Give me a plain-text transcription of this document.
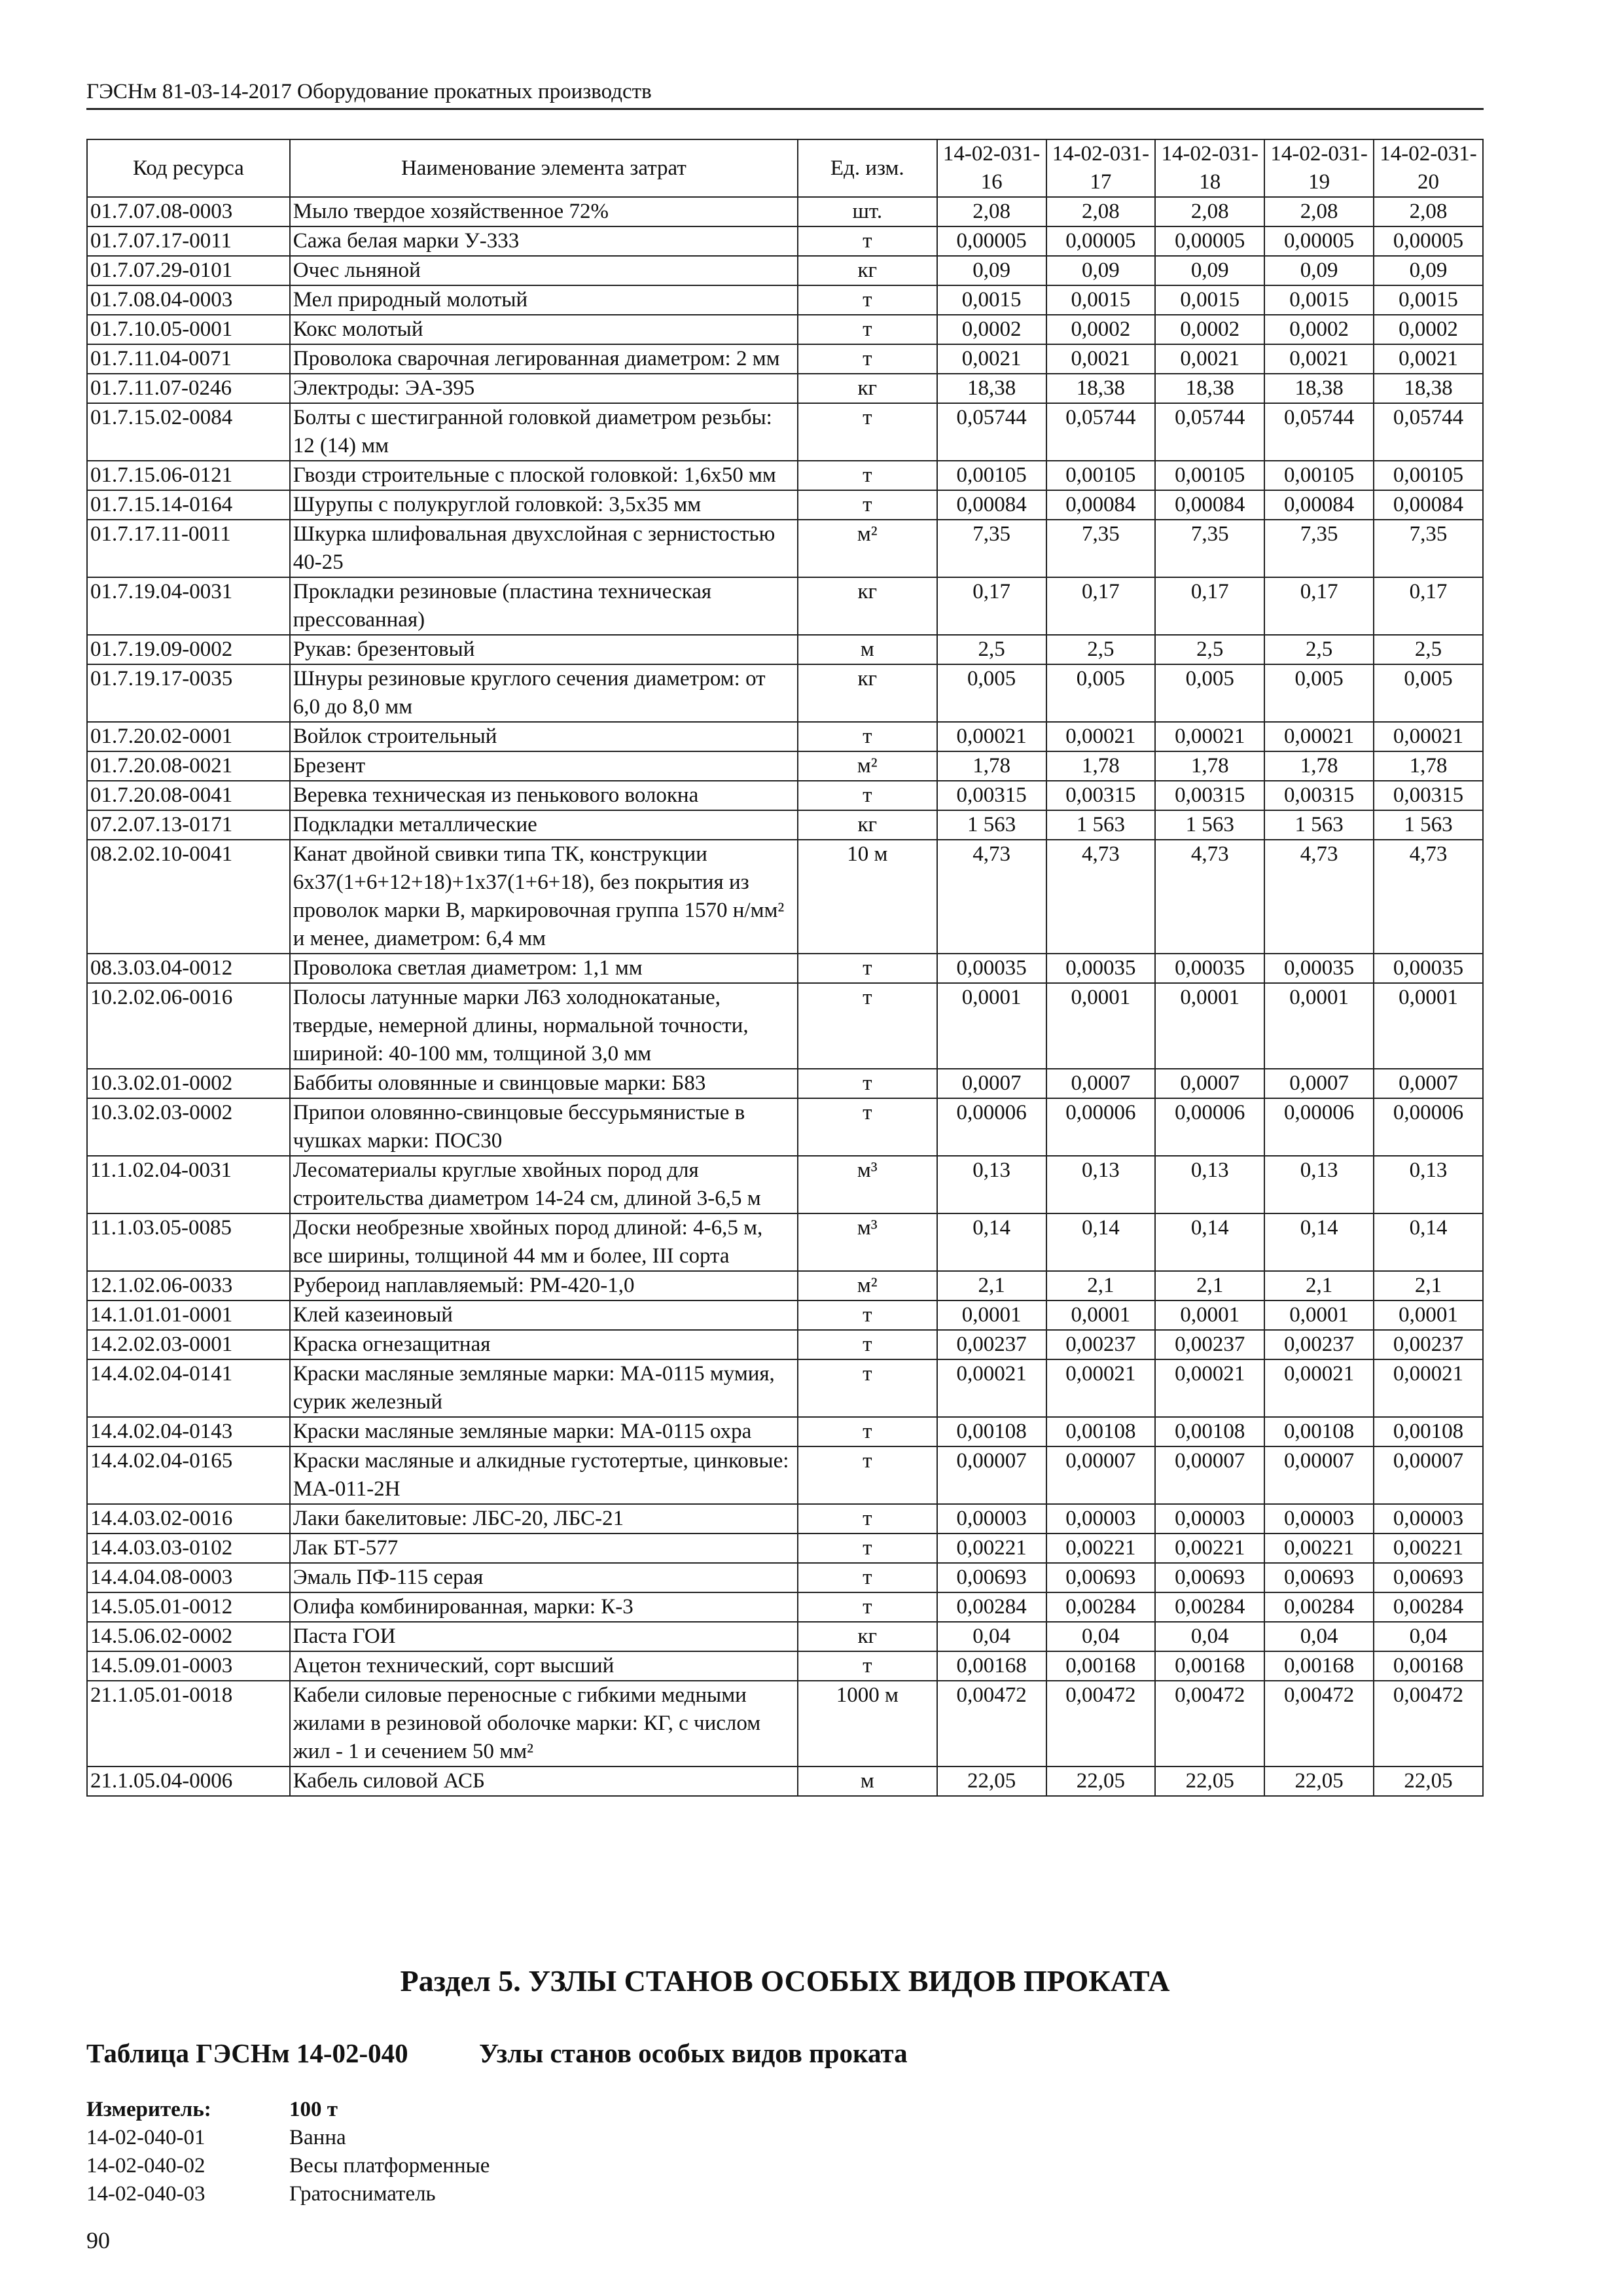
ГЭСНм 81-03-14-2017 Оборудование прокатных производств
Код ресурса	Наименование элемента затрат	Ед. изм.	14-02-031-16	14-02-031-17	14-02-031-18	14-02-031-19	14-02-031-20
01.7.07.08-0003	Мыло твердое хозяйственное 72%	шт.	2,08	2,08	2,08	2,08	2,08
01.7.07.17-0011	Сажа белая марки У-333	т	0,00005	0,00005	0,00005	0,00005	0,00005
01.7.07.29-0101	Очес льняной	кг	0,09	0,09	0,09	0,09	0,09
01.7.08.04-0003	Мел природный молотый	т	0,0015	0,0015	0,0015	0,0015	0,0015
01.7.10.05-0001	Кокс молотый	т	0,0002	0,0002	0,0002	0,0002	0,0002
01.7.11.04-0071	Проволока сварочная легированная диаметром: 2 мм	т	0,0021	0,0021	0,0021	0,0021	0,0021
01.7.11.07-0246	Электроды: ЭА-395	кг	18,38	18,38	18,38	18,38	18,38
01.7.15.02-0084	Болты с шестигранной головкой диаметром резьбы: 12 (14) мм	т	0,05744	0,05744	0,05744	0,05744	0,05744
01.7.15.06-0121	Гвозди строительные с плоской головкой: 1,6x50 мм	т	0,00105	0,00105	0,00105	0,00105	0,00105
01.7.15.14-0164	Шурупы с полукруглой головкой: 3,5x35 мм	т	0,00084	0,00084	0,00084	0,00084	0,00084
01.7.17.11-0011	Шкурка шлифовальная двухслойная с зернистостью 40-25	м²	7,35	7,35	7,35	7,35	7,35
01.7.19.04-0031	Прокладки резиновые (пластина техническая прессованная)	кг	0,17	0,17	0,17	0,17	0,17
01.7.19.09-0002	Рукав: брезентовый	м	2,5	2,5	2,5	2,5	2,5
01.7.19.17-0035	Шнуры резиновые круглого сечения диаметром: от 6,0 до 8,0 мм	кг	0,005	0,005	0,005	0,005	0,005
01.7.20.02-0001	Войлок строительный	т	0,00021	0,00021	0,00021	0,00021	0,00021
01.7.20.08-0021	Брезент	м²	1,78	1,78	1,78	1,78	1,78
01.7.20.08-0041	Веревка техническая из пенькового волокна	т	0,00315	0,00315	0,00315	0,00315	0,00315
07.2.07.13-0171	Подкладки металлические	кг	1 563	1 563	1 563	1 563	1 563
08.2.02.10-0041	Канат двойной свивки типа ТК, конструкции 6x37(1+6+12+18)+1x37(1+6+18), без покрытия из проволок марки В, маркировочная группа 1570 н/мм² и менее, диаметром: 6,4 мм	10 м	4,73	4,73	4,73	4,73	4,73
08.3.03.04-0012	Проволока светлая диаметром: 1,1 мм	т	0,00035	0,00035	0,00035	0,00035	0,00035
10.2.02.06-0016	Полосы латунные марки Л63 холоднокатаные, твердые, немерной длины, нормальной точности, шириной: 40-100 мм, толщиной 3,0 мм	т	0,0001	0,0001	0,0001	0,0001	0,0001
10.3.02.01-0002	Баббиты оловянные и свинцовые марки: Б83	т	0,0007	0,0007	0,0007	0,0007	0,0007
10.3.02.03-0002	Припои оловянно-свинцовые бессурьмянистые в чушках марки: ПОС30	т	0,00006	0,00006	0,00006	0,00006	0,00006
11.1.02.04-0031	Лесоматериалы круглые хвойных пород для строительства диаметром 14-24 см, длиной 3-6,5 м	м³	0,13	0,13	0,13	0,13	0,13
11.1.03.05-0085	Доски необрезные хвойных пород длиной: 4-6,5 м, все ширины, толщиной 44 мм и более, III сорта	м³	0,14	0,14	0,14	0,14	0,14
12.1.02.06-0033	Рубероид наплавляемый: РМ-420-1,0	м²	2,1	2,1	2,1	2,1	2,1
14.1.01.01-0001	Клей казеиновый	т	0,0001	0,0001	0,0001	0,0001	0,0001
14.2.02.03-0001	Краска огнезащитная	т	0,00237	0,00237	0,00237	0,00237	0,00237
14.4.02.04-0141	Краски масляные земляные марки: МА-0115 мумия, сурик железный	т	0,00021	0,00021	0,00021	0,00021	0,00021
14.4.02.04-0143	Краски масляные земляные марки: МА-0115 охра	т	0,00108	0,00108	0,00108	0,00108	0,00108
14.4.02.04-0165	Краски масляные и алкидные густотертые, цинковые: МА-011-2Н	т	0,00007	0,00007	0,00007	0,00007	0,00007
14.4.03.02-0016	Лаки бакелитовые: ЛБС-20, ЛБС-21	т	0,00003	0,00003	0,00003	0,00003	0,00003
14.4.03.03-0102	Лак БТ-577	т	0,00221	0,00221	0,00221	0,00221	0,00221
14.4.04.08-0003	Эмаль ПФ-115 серая	т	0,00693	0,00693	0,00693	0,00693	0,00693
14.5.05.01-0012	Олифа комбинированная, марки: К-3	т	0,00284	0,00284	0,00284	0,00284	0,00284
14.5.06.02-0002	Паста ГОИ	кг	0,04	0,04	0,04	0,04	0,04
14.5.09.01-0003	Ацетон технический, сорт высший	т	0,00168	0,00168	0,00168	0,00168	0,00168
21.1.05.01-0018	Кабели силовые переносные с гибкими медными жилами в резиновой оболочке марки: КГ, с числом жил - 1 и сечением 50 мм²	1000 м	0,00472	0,00472	0,00472	0,00472	0,00472
21.1.05.04-0006	Кабель силовой АСБ	м	22,05	22,05	22,05	22,05	22,05
Раздел 5. УЗЛЫ СТАНОВ ОСОБЫХ ВИДОВ ПРОКАТА
Таблица ГЭСНм 14-02-040	Узлы станов особых видов проката
Измеритель:	100 т
14-02-040-01	Ванна
14-02-040-02	Весы платформенные
14-02-040-03	Гратосниматель
90
